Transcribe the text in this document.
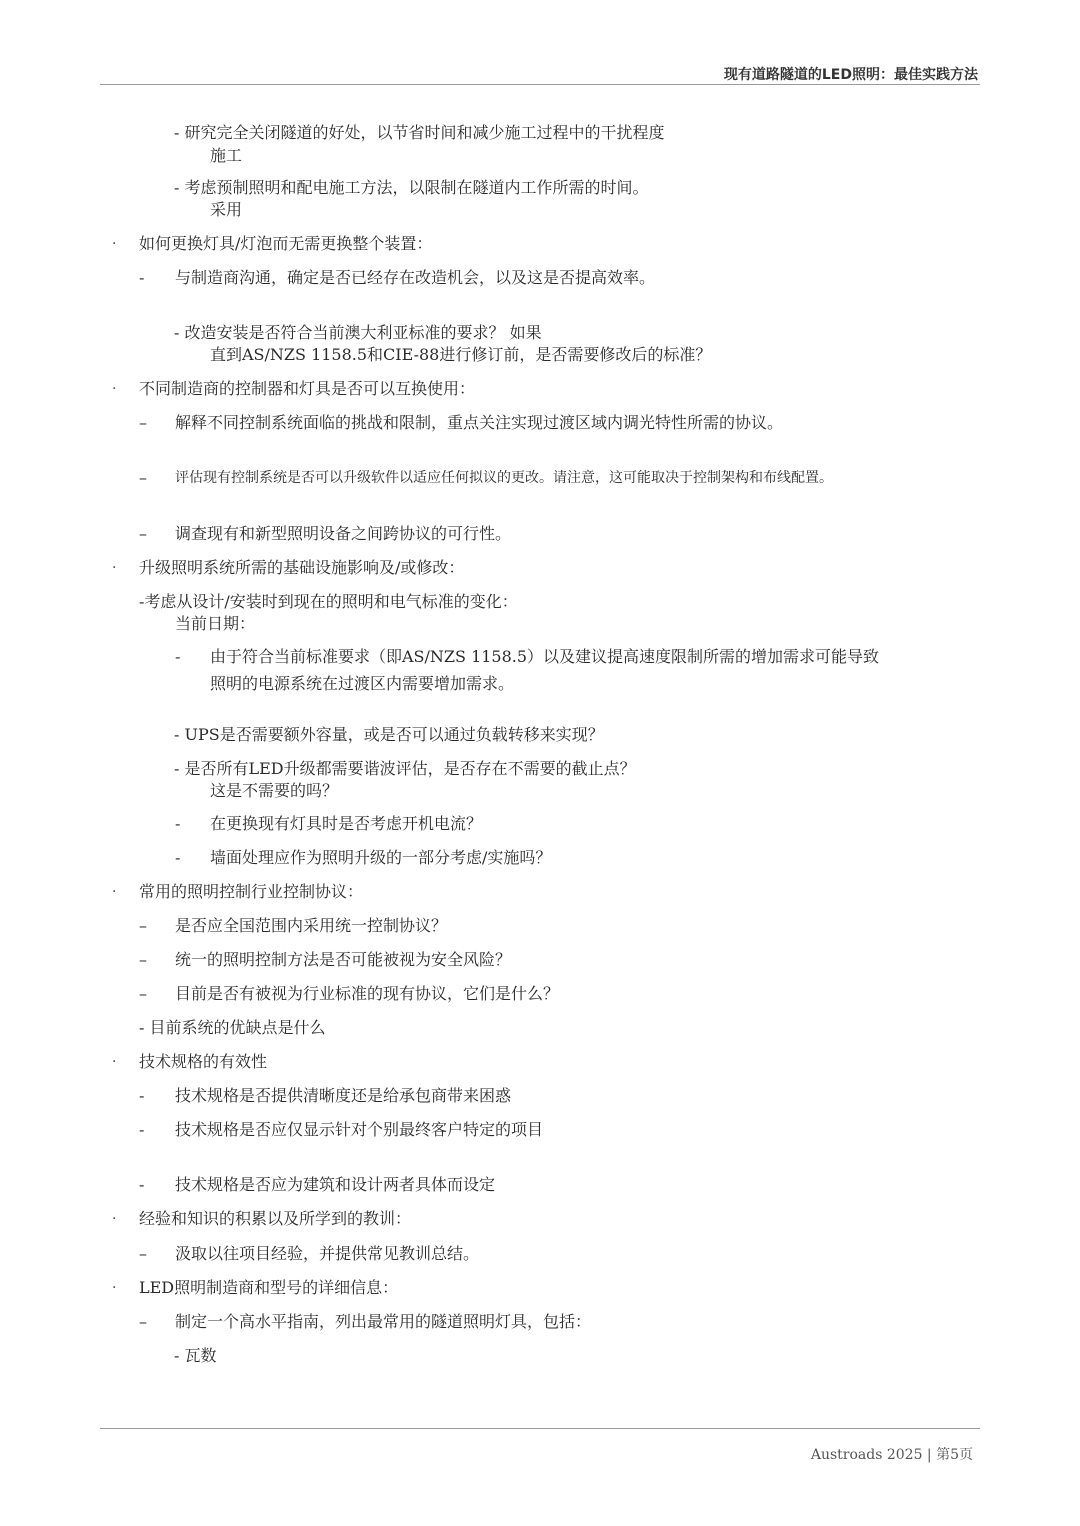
现有道路隧道的LED照明：最佳实践方法
- 研究完全关闭隧道的好处，以节省时间和减少施工过程中的干扰程度
施工
- 考虑预制照明和配电施工方法，以限制在隧道内工作所需的时间。
采用
· 如何更换灯具/灯泡而无需更换整个装置：
- 与制造商沟通，确定是否已经存在改造机会，以及这是否提高效率。
- 改造安装是否符合当前澳大利亚标准的要求？ 如果
直到AS/NZS 1158.5和CIE-88进行修订前，是否需要修改后的标准？
· 不同制造商的控制器和灯具是否可以互换使用：
– 解释不同控制系统面临的挑战和限制，重点关注实现过渡区域内调光特性所需的协议。
– 评估现有控制系统是否可以升级软件以适应任何拟议的更改。请注意，这可能取决于控制架构和布线配置。
– 调查现有和新型照明设备之间跨协议的可行性。
· 升级照明系统所需的基础设施影响及/或修改：
-考虑从设计/安装时到现在的照明和电气标准的变化：
当前日期：
- 由于符合当前标准要求（即AS/NZS 1158.5）以及建议提高速度限制所需的增加需求可能导致
照明的电源系统在过渡区内需要增加需求。
- UPS是否需要额外容量，或是否可以通过负载转移来实现？
- 是否所有LED升级都需要谐波评估，是否存在不需要的截止点？
这是不需要的吗？
- 在更换现有灯具时是否考虑开机电流？
- 墙面处理应作为照明升级的一部分考虑/实施吗？
· 常用的照明控制行业控制协议：
– 是否应全国范围内采用统一控制协议？
– 统一的照明控制方法是否可能被视为安全风险？
– 目前是否有被视为行业标准的现有协议，它们是什么？
- 目前系统的优缺点是什么
· 技术规格的有效性
- 技术规格是否提供清晰度还是给承包商带来困惑
- 技术规格是否应仅显示针对个别最终客户特定的项目
- 技术规格是否应为建筑和设计两者具体而设定
· 经验和知识的积累以及所学到的教训：
– 汲取以往项目经验，并提供常见教训总结。
· LED照明制造商和型号的详细信息：
– 制定一个高水平指南，列出最常用的隧道照明灯具，包括：
- 瓦数
Austroads 2025 | 第5页
